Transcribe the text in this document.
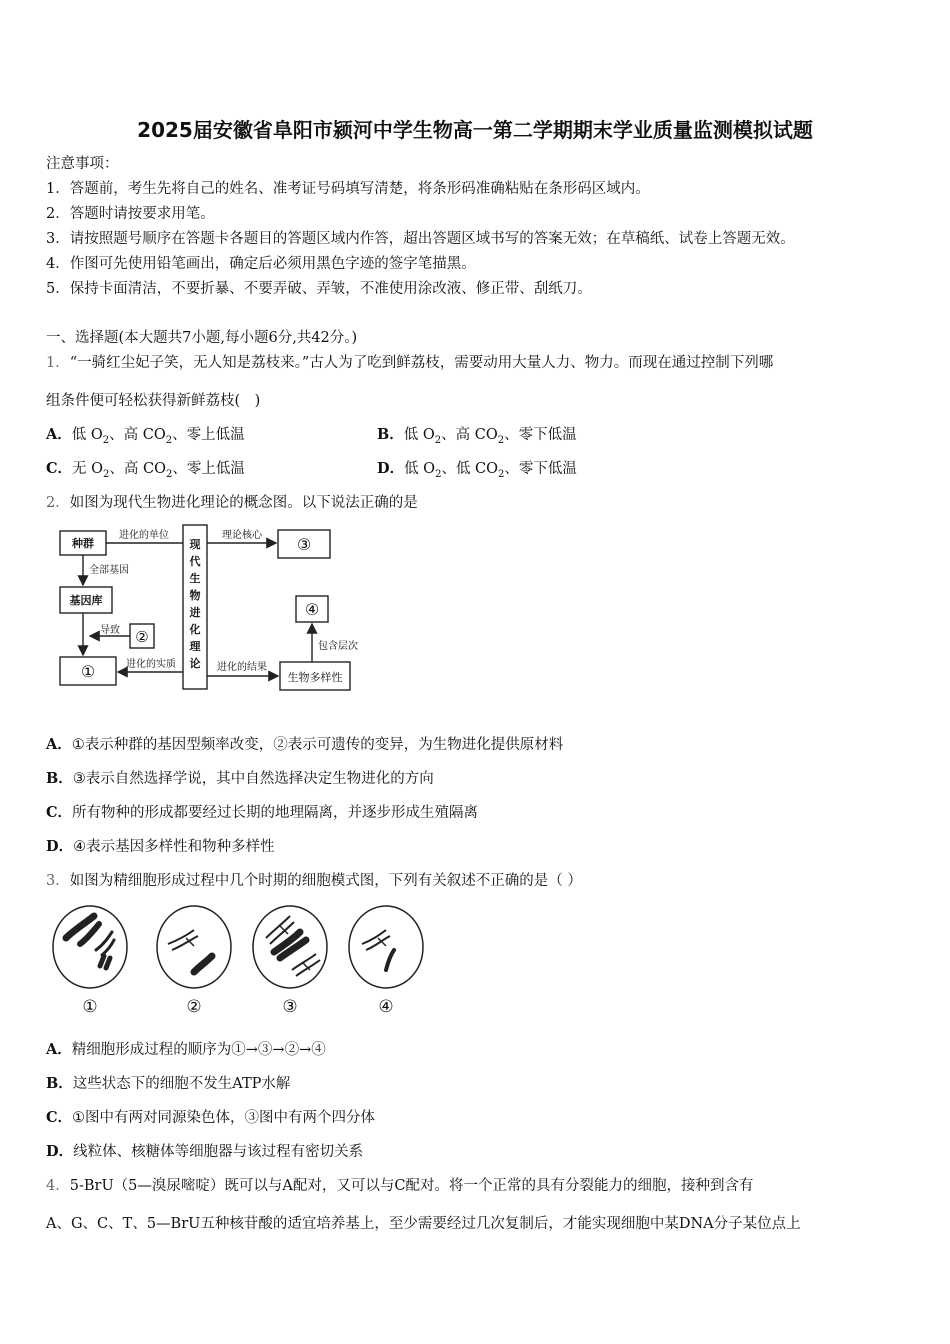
2025届安徽省阜阳市颍河中学生物高一第二学期期末学业质量监测模拟试题
注意事项：
1．答题前，考生先将自己的姓名、准考证号码填写清楚，将条形码准确粘贴在条形码区域内。
2．答题时请按要求用笔。
3．请按照题号顺序在答题卡各题目的答题区域内作答，超出答题区域书写的答案无效；在草稿纸、试卷上答题无效。
4．作图可先使用铅笔画出，确定后必须用黑色字迹的签字笔描黑。
5．保持卡面清洁，不要折暴、不要弄破、弄皱，不准使用涂改液、修正带、刮纸刀。
一、选择题(本大题共7小题,每小题6分,共42分。)
1．“一骑红尘妃子笑，无人知是荔枝来。”古人为了吃到鲜荔枝，需要动用大量人力、物力。而现在通过控制下列哪
组条件便可轻松获得新鲜荔枝(　)
A．低 $O_2$、高 $CO_2$、零上低温	B．低 $O_2$、高 $CO_2$、零下低温
C．无 $O_2$、高 $CO_2$、零上低温	D．低 $O_2$、低 $CO_2$、零下低温
2．如图为现代生物进化理论的概念图。以下说法正确的是
种群
进化的单位
全部基因
基因库
导致 ②
①	进化的实质
现
代
生
物
进
化
理
论
理论核心 ③
④
包含层次
进化的结果
生物多样性
A．①表示种群的基因型频率改变，②表示可遗传的变异，为生物进化提供原材料
B．③表示自然选择学说，其中自然选择决定生物进化的方向
C．所有物种的形成都要经过长期的地理隔离，并逐步形成生殖隔离
D．④表示基因多样性和物种多样性
3．如图为精细胞形成过程中几个时期的细胞模式图，下列有关叙述不正确的是（ ）
①	②	③	④
A．精细胞形成过程的顺序为①→③→②→④
B．这些状态下的细胞不发生ATP水解
C．①图中有两对同源染色体，③图中有两个四分体
D．线粒体、核糖体等细胞器与该过程有密切关系
4．5-BrU（5—溴尿嘧啶）既可以与A配对，又可以与C配对。将一个正常的具有分裂能力的细胞，接种到含有
A、G、C、T、5—BrU五种核苷酸的适宜培养基上，至少需要经过几次复制后，才能实现细胞中某DNA分子某位点上
